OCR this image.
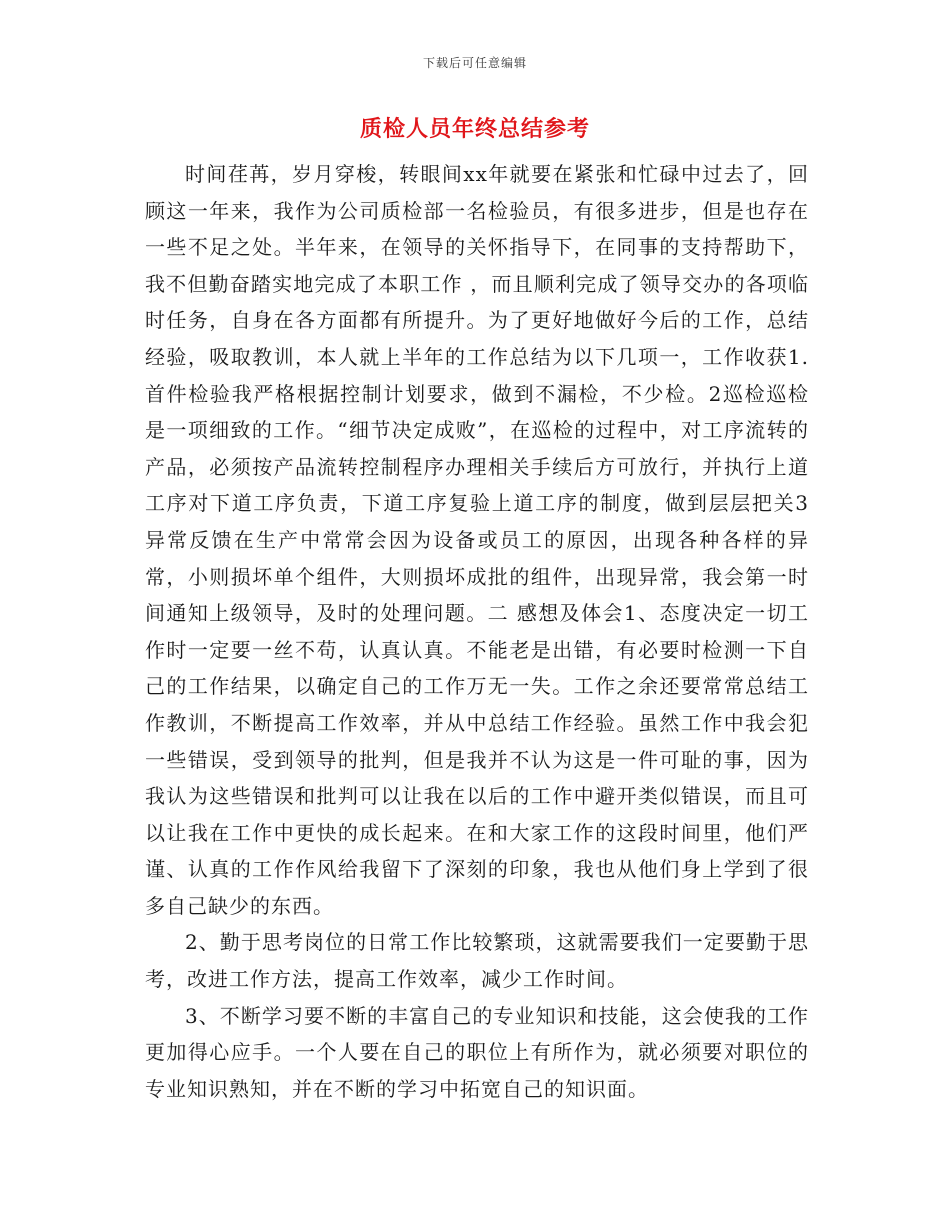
下载后可任意编辑
质检人员年终总结参考

时间荏苒，岁月穿梭，转眼间xx年就要在紧张和忙碌中过去了，回顾这一年来，我作为公司质检部一名检验员，有很多进步，但是也存在一些不足之处。半年来，在领导的关怀指导下，在同事的支持帮助下，我不但勤奋踏实地完成了本职工作 ，而且顺利完成了领导交办的各项临时任务，自身在各方面都有所提升。为了更好地做好今后的工作，总结经验，吸取教训，本人就上半年的工作总结为以下几项一，工作收获1.首件检验我严格根据控制计划要求，做到不漏检，不少检。2巡检巡检是一项细致的工作。“细节决定成败”，在巡检的过程中，对工序流转的产品，必须按产品流转控制程序办理相关手续后方可放行，并执行上道工序对下道工序负责，下道工序复验上道工序的制度，做到层层把关3异常反馈在生产中常常会因为设备或员工的原因，出现各种各样的异常，小则损坏单个组件，大则损坏成批的组件，出现异常，我会第一时间通知上级领导，及时的处理问题。二 感想及体会1、态度决定一切工作时一定要一丝不苟，认真认真。不能老是出错，有必要时检测一下自己的工作结果，以确定自己的工作万无一失。工作之余还要常常总结工作教训，不断提高工作效率，并从中总结工作经验。虽然工作中我会犯一些错误，受到领导的批判，但是我并不认为这是一件可耻的事，因为我认为这些错误和批判可以让我在以后的工作中避开类似错误，而且可以让我在工作中更快的成长起来。在和大家工作的这段时间里，他们严谨、认真的工作作风给我留下了深刻的印象，我也从他们身上学到了很多自己缺少的东西。

2、勤于思考岗位的日常工作比较繁琐，这就需要我们一定要勤于思考，改进工作方法，提高工作效率，减少工作时间。

3、不断学习要不断的丰富自己的专业知识和技能，这会使我的工作更加得心应手。一个人要在自己的职位上有所作为，就必须要对职位的专业知识熟知，并在不断的学习中拓宽自己的知识面。
